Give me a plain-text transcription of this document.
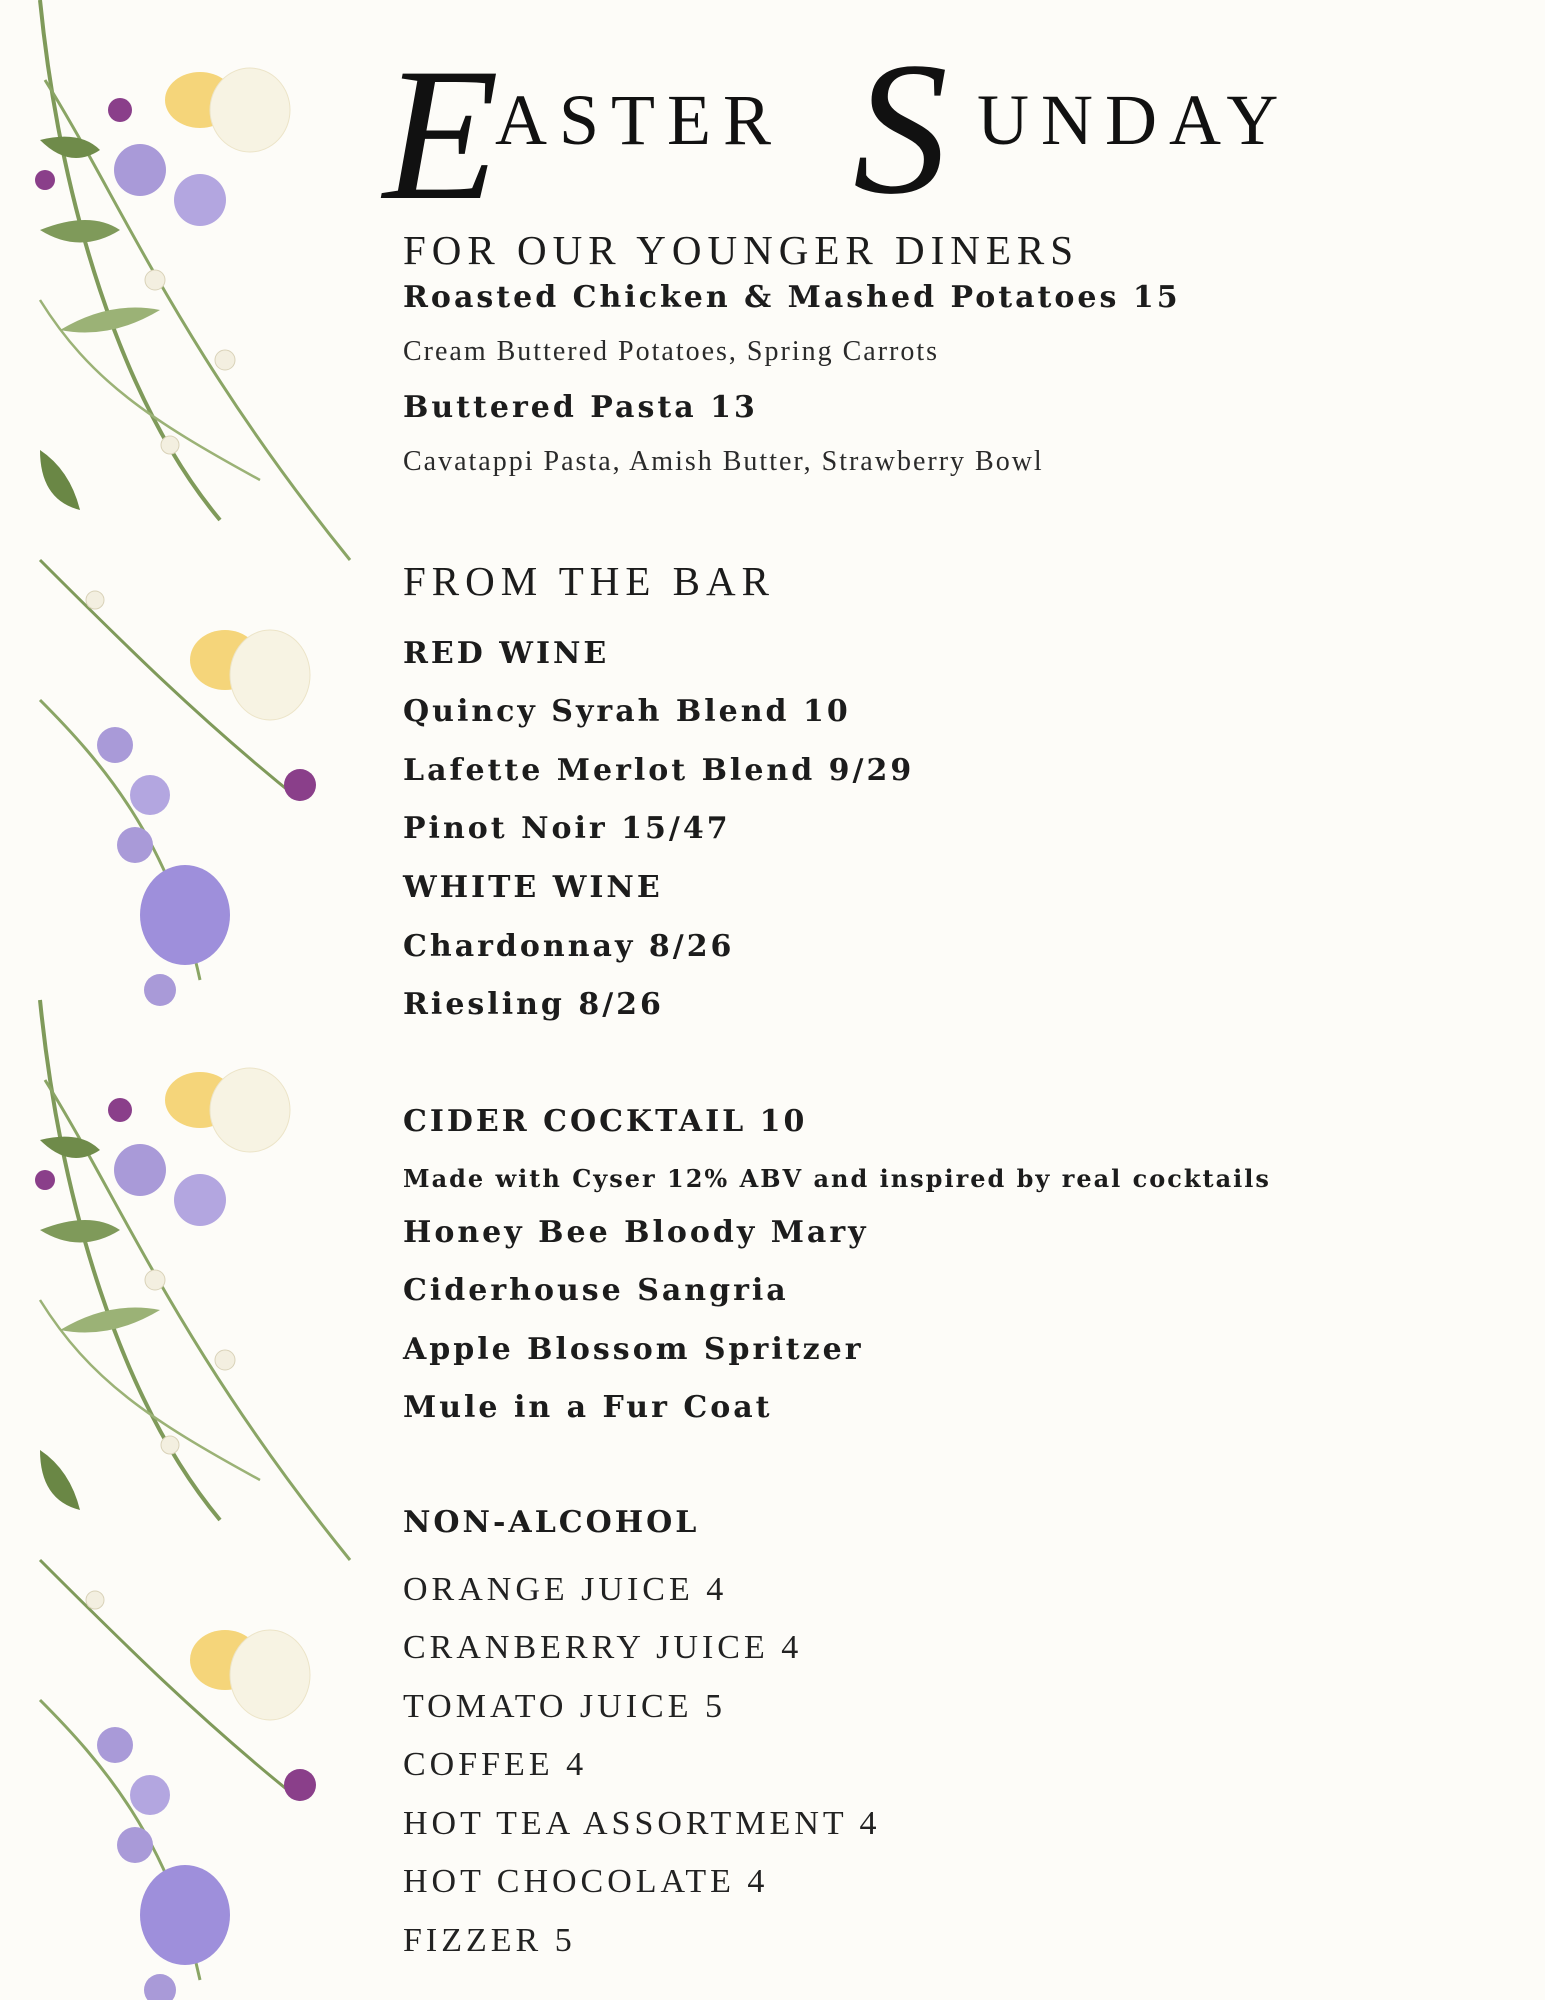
E
ASTER S UNDAY
FOR OUR YOUNGER DINERS
Roasted Chicken & Mashed Potatoes 15
Cream Buttered Potatoes, Spring Carrots
Buttered Pasta 13
Cavatappi Pasta, Amish Butter, Strawberry Bowl
FROM THE BAR
RED WINE
Quincy Syrah Blend 10
Lafette Merlot Blend 9/29
Pinot Noir 15/47
WHITE WINE
Chardonnay 8/26
Riesling 8/26
CIDER COCKTAIL 10
Made with Cyser 12% ABV and inspired by real cocktails
Honey Bee Bloody Mary
Ciderhouse Sangria
Apple Blossom Spritzer
Mule in a Fur Coat
NON-ALCOHOL
ORANGE JUICE 4
CRANBERRY JUICE 4
TOMATO JUICE 5
COFFEE 4
HOT TEA ASSORTMENT 4
HOT CHOCOLATE 4
FIZZER 5
